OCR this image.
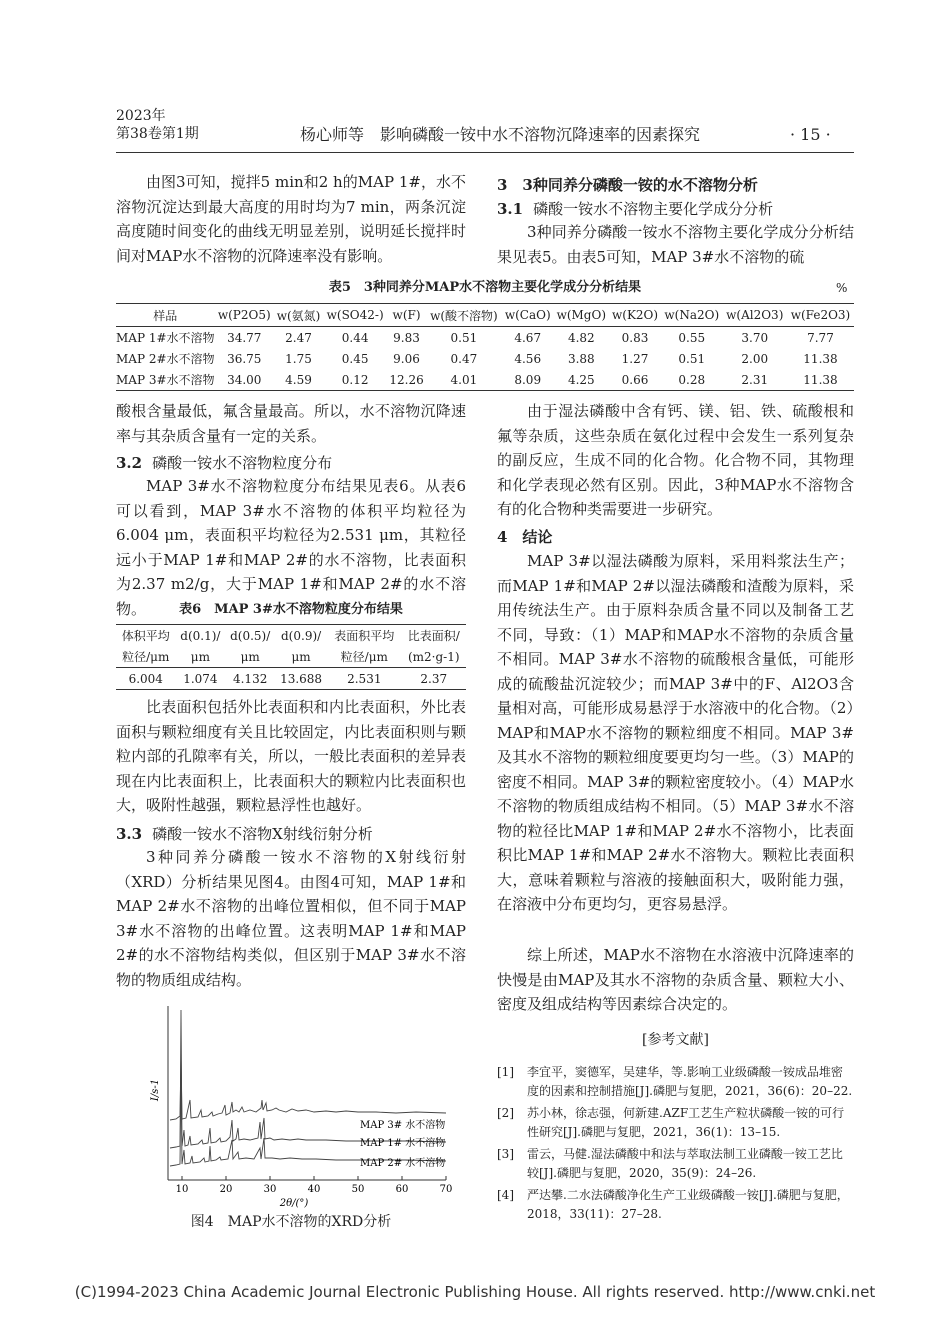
2023年
第38卷第1期	杨心师等　影响磷酸一铵中水不溶物沉降速率的因素探究	· 15 ·

由图3可知，搅拌5 min和2 h的MAP 1#，水不溶物沉淀达到最大高度的用时均为7 min，两条沉淀高度随时间变化的曲线无明显差别，说明延长搅拌时间对MAP水不溶物的沉降速率没有影响。

3　3种同养分磷酸一铵的水不溶物分析
3.1 磷酸一铵水不溶物主要化学成分分析

3种同养分磷酸一铵水不溶物主要化学成分分析结果见表5。由表5可知，MAP 3#水不溶物的硫

表5　3种同养分MAP水不溶物主要化学成分分析结果	%
样品	w(P2O5)	w(氨氮)	w(SO42-)	w(F)	w(酸不溶物)	w(CaO)	w(MgO)	w(K2O)	w(Na2O)	w(Al2O3)	w(Fe2O3)
MAP 1#水不溶物	34.77	2.47	0.44	9.83	0.51	4.67	4.82	0.83	0.55	3.70	7.77
MAP 2#水不溶物	36.75	1.75	0.45	9.06	0.47	4.56	3.88	1.27	0.51	2.00	11.38
MAP 3#水不溶物	34.00	4.59	0.12	12.26	4.01	8.09	4.25	0.66	0.28	2.31	11.38

酸根含量最低，氟含量最高。所以，水不溶物沉降速率与其杂质含量有一定的关系。

3.2 磷酸一铵水不溶物粒度分布

MAP 3#水不溶物粒度分布结果见表6。从表6可以看到，MAP 3#水不溶物的体积平均粒径为6.004 μm，表面积平均粒径为2.531 μm，其粒径远小于MAP 1#和MAP 2#的水不溶物，比表面积为2.37 m2/g，大于MAP 1#和MAP 2#的水不溶物。	表6　MAP 3#水不溶物粒度分布结果
体积平均	d(0.1)/	d(0.5)/	d(0.9)/	表面积平均	比表面积/
粒径/μm	μm	μm	μm	粒径/μm	(m2·g-1)
6.004	1.074	4.132	13.688	2.531	2.37

比表面积包括外比表面积和内比表面积，外比表面积与颗粒细度有关且比较固定，内比表面积则与颗粒内部的孔隙率有关，所以，一般比表面积的差异表现在内比表面积上，比表面积大的颗粒内比表面积也大，吸附性越强，颗粒悬浮性也越好。

3.3 磷酸一铵水不溶物X射线衍射分析

3种同养分磷酸一铵水不溶物的X射线衍射（XRD）分析结果见图4。由图4可知，MAP 1#和MAP 2#水不溶物的出峰位置相似，但不同于MAP 3#水不溶物的出峰位置。这表明MAP 1#和MAP 2#的水不溶物结构类似，但区别于MAP 3#水不溶物的物质组成结构。

10	20	30	40	50	60	70
2θ/(°)
I/s-1
MAP 3# 水不溶物
MAP 1# 水不溶物
MAP 2# 水不溶物
图4　MAP水不溶物的XRD分析

由于湿法磷酸中含有钙、镁、铝、铁、硫酸根和氟等杂质，这些杂质在氨化过程中会发生一系列复杂的副反应，生成不同的化合物。化合物不同，其物理和化学表现必然有区别。因此，3种MAP水不溶物含有的化合物种类需要进一步研究。

4　结论

MAP 3#以湿法磷酸为原料，采用料浆法生产；而MAP 1#和MAP 2#以湿法磷酸和渣酸为原料，采用传统法生产。由于原料杂质含量不同以及制备工艺不同，导致：（1）MAP和MAP水不溶物的杂质含量不相同。MAP 3#水不溶物的硫酸根含量低，可能形成的硫酸盐沉淀较少；而MAP 3#中的F、Al2O3含量相对高，可能形成易悬浮于水溶液中的化合物。（2）MAP和MAP水不溶物的颗粒细度不相同。MAP 3#及其水不溶物的颗粒细度要更均匀一些。（3）MAP的密度不相同。MAP 3#的颗粒密度较小。（4）MAP水不溶物的物质组成结构不相同。（5）MAP 3#水不溶物的粒径比MAP 1#和MAP 2#水不溶物小，比表面积比MAP 1#和MAP 2#水不溶物大。颗粒比表面积大，意味着颗粒与溶液的接触面积大，吸附能力强，在溶液中分布更均匀，更容易悬浮。

综上所述，MAP水不溶物在水溶液中沉降速率的快慢是由MAP及其水不溶物的杂质含量、颗粒大小、密度及组成结构等因素综合决定的。

[参考文献]
[1] 李宜平，窦德军，吴建华，等.影响工业级磷酸一铵成品堆密度的因素和控制措施[J].磷肥与复肥，2021，36(6)：20–22.
[2] 苏小林，徐志强，何新建.AZF工艺生产粒状磷酸一铵的可行性研究[J].磷肥与复肥，2021，36(1)：13–15.
[3] 雷云，马健.湿法磷酸中和法与萃取法制工业磷酸一铵工艺比较[J].磷肥与复肥，2020，35(9)：24–26.
[4] 严达攀.二水法磷酸净化生产工业级磷酸一铵[J].磷肥与复肥，2018，33(11)：27–28.
(C)1994-2023 China Academic Journal Electronic Publishing House. All rights reserved. http://www.cnki.net
